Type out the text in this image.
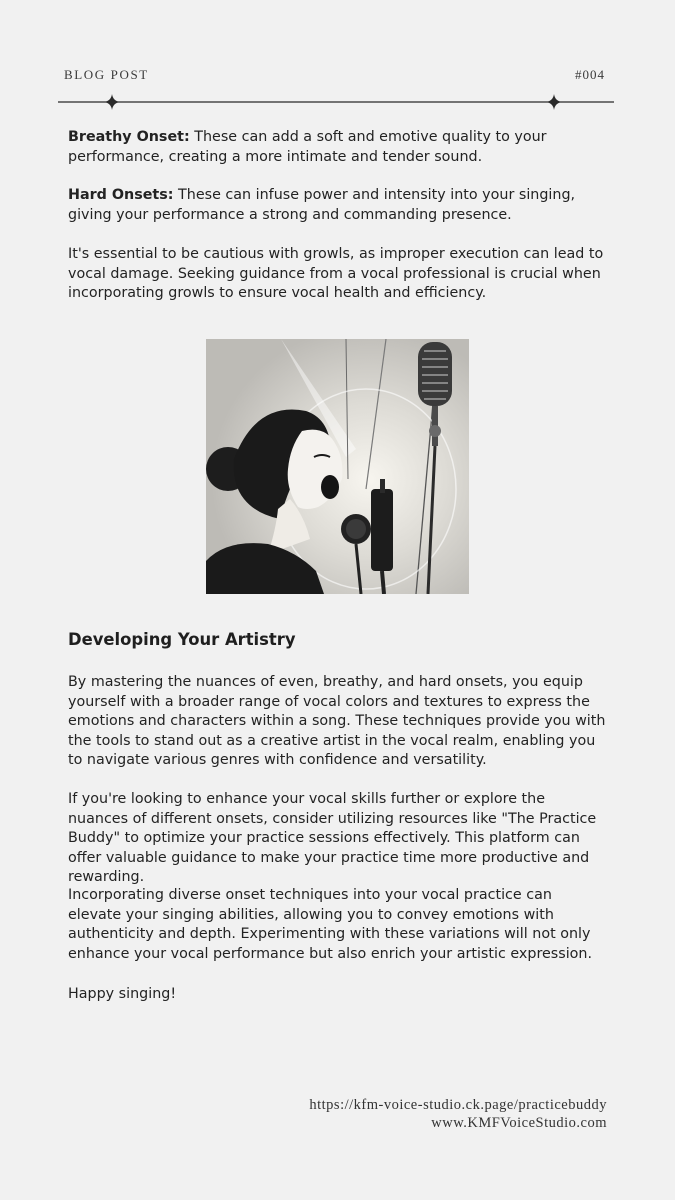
BLOG POST	#004

Breathy Onset: These can add a soft and emotive quality to your performance, creating a more intimate and tender sound.

Hard Onsets: These can infuse power and intensity into your singing, giving your performance a strong and commanding presence.

It's essential to be cautious with growls, as improper execution can lead to vocal damage. Seeking guidance from a vocal professional is crucial when incorporating growls to ensure vocal health and efficiency.

Developing Your Artistry

By mastering the nuances of even, breathy, and hard onsets, you equip yourself with a broader range of vocal colors and textures to express the emotions and characters within a song. These techniques provide you with the tools to stand out as a creative artist in the vocal realm, enabling you to navigate various genres with confidence and versatility.

If you're looking to enhance your vocal skills further or explore the nuances of different onsets, consider utilizing resources like "The Practice Buddy" to optimize your practice sessions effectively. This platform can offer valuable guidance to make your practice time more productive and rewarding.

Incorporating diverse onset techniques into your vocal practice can elevate your singing abilities, allowing you to convey emotions with authenticity and depth. Experimenting with these variations will not only enhance your vocal performance but also enrich your artistic expression.

Happy singing!

https://kfm-voice-studio.ck.page/practicebuddy
www.KMFVoiceStudio.com
